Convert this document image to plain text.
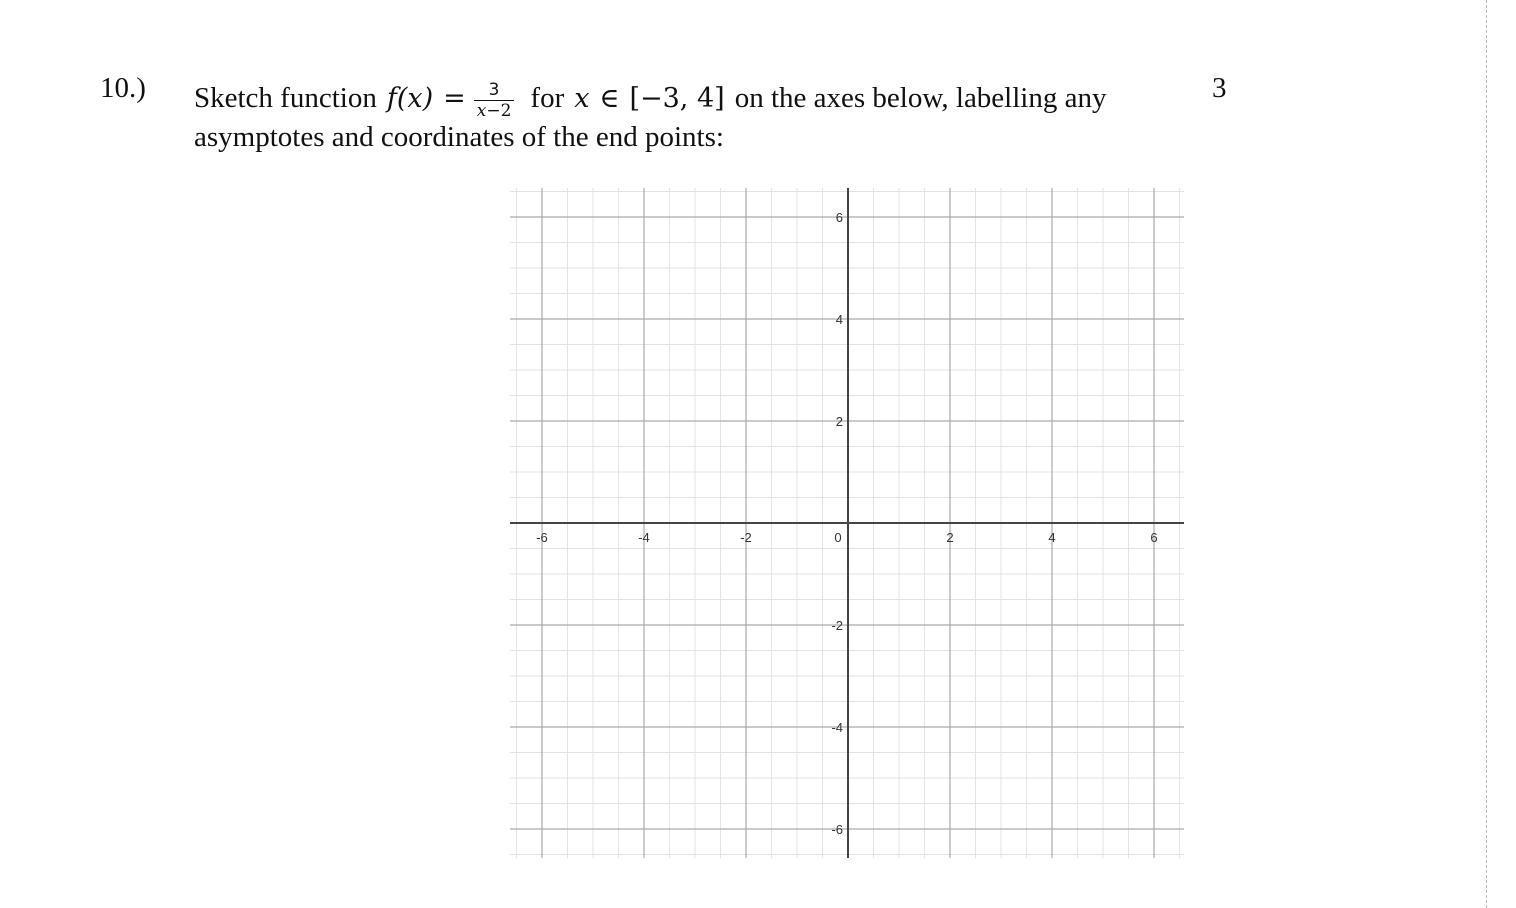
10.)	3
Sketch function f $(x) = \frac{3}{x-2}$ for x ∈ [−3, 4] on the axes below, labelling any
asymptotes and coordinates of the end points:
-6	-4	-2	0	2	4	6
6
4
2
-2
-4
-6
